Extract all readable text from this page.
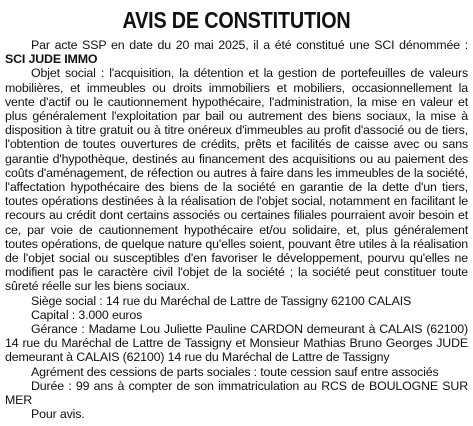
AVIS DE CONSTITUTION

Par acte SSP en date du 20 mai 2025, il a été constitué une SCI dénommée : SCI JUDE IMMO

Objet social : l'acquisition, la détention et la gestion de portefeuilles de valeurs mobilières, et immeubles ou droits immobiliers et mobiliers, occasionnellement la vente d'actif ou le cautionnement hypothécaire, l'administration, la mise en valeur et plus généralement l'exploitation par bail ou autrement des biens sociaux, la mise à disposition à titre gratuit ou à titre onéreux d'immeubles au profit d'associé ou de tiers, l'obtention de toutes ouvertures de crédits, prêts et facilités de caisse avec ou sans garantie d'hypothèque, destinés au financement des acquisitions ou au paiement des coûts d'aménagement, de réfection ou autres à faire dans les immeubles de la société, l'affectation hypothécaire des biens de la société en garantie de la dette d'un tiers, toutes opérations destinées à la réalisation de l'objet social, notamment en facilitant le recours au crédit dont certains associés ou certaines filiales pourraient avoir besoin et ce, par voie de cautionnement hypothécaire et/ou solidaire, et, plus généralement toutes opérations, de quelque nature qu'elles soient, pouvant être utiles à la réalisation de l'objet social ou susceptibles d'en favoriser le développement, pourvu qu'elles ne modifient pas le caractère civil l'objet de la société ; la société peut constituer toute sûreté réelle sur les biens sociaux.

Siège social : 14 rue du Maréchal de Lattre de Tassigny 62100 CALAIS

Capital : 3.000 euros

Gérance : Madame Lou Juliette Pauline CARDON demeurant à CALAIS (62100) 14 rue du Maréchal de Lattre de Tassigny et Monsieur Mathias Bruno Georges JUDE demeurant à CALAIS (62100) 14 rue du Maréchal de Lattre de Tassigny

Agrément des cessions de parts sociales : toute cession sauf entre associés

Durée : 99 ans à compter de son immatriculation au RCS de BOULOGNE SUR MER

Pour avis.
